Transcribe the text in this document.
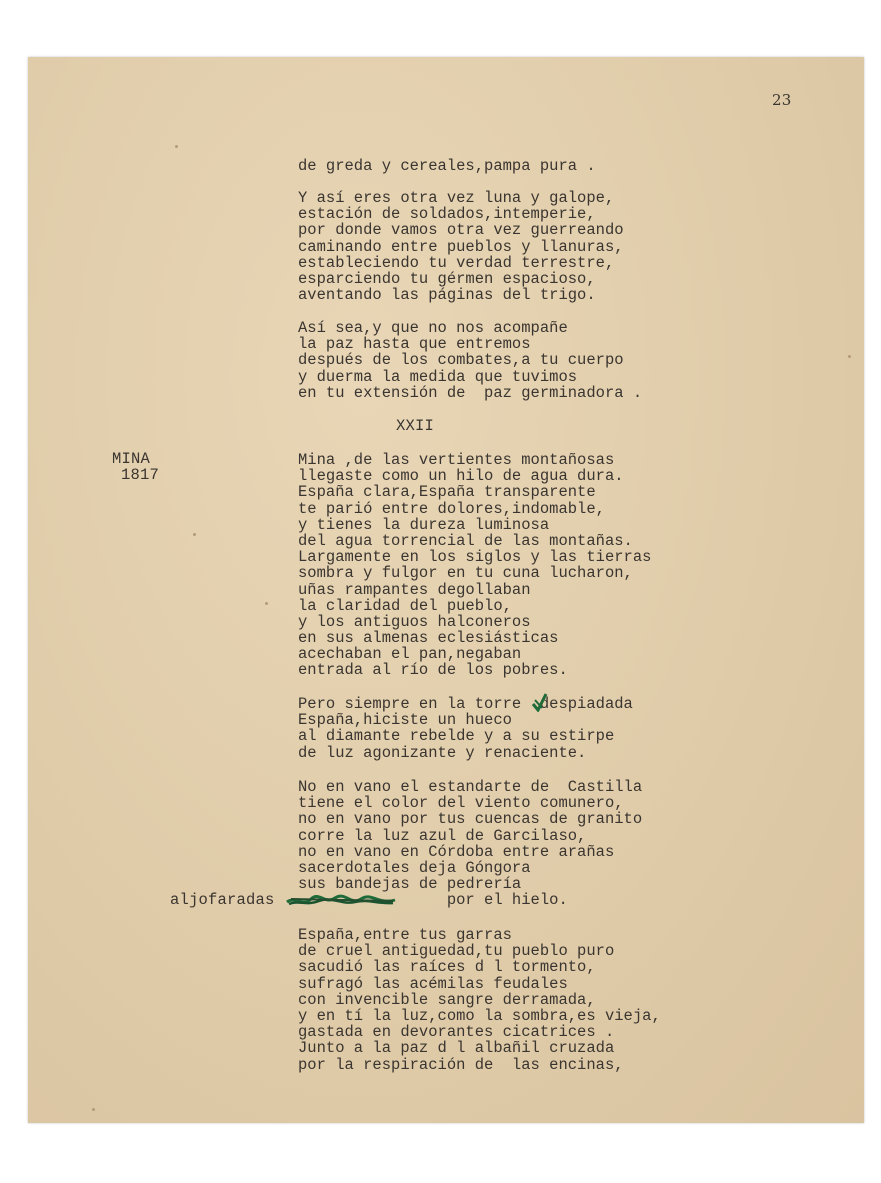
23
de greda y cereales,pampa pura .
Y así eres otra vez luna y galope,
estación de soldados,intemperie,
por donde vamos otra vez guerreando
caminando entre pueblos y llanuras,
estableciendo tu verdad terrestre,
esparciendo tu gérmen espacioso,
aventando las páginas del trigo.
Así sea,y que no nos acompañe
la paz hasta que entremos
después de los combates,a tu cuerpo
y duerma la medida que tuvimos
en tu extensión de  paz germinadora .
XXII
MINA
1817
Mina ,de las vertientes montañosas
llegaste como un hilo de agua dura.
España clara,España transparente
te parió entre dolores,indomable,
y tienes la dureza luminosa
del agua torrencial de las montañas.
Largamente en los siglos y las tierras
sombra y fulgor en tu cuna lucharon,
uñas rampantes degollaban
la claridad del pueblo,
y los antiguos halconeros
en sus almenas eclesiásticas
acechaban el pan,negaban
entrada al río de los pobres.
Pero siempre en la torre  despiadada
España,hiciste un hueco
al diamante rebelde y a su estirpe
de luz agonizante y renaciente.
No en vano el estandarte de  Castilla
tiene el color del viento comunero,
no en vano por tus cuencas de granito
corre la luz azul de Garcilaso,
no en vano en Córdoba entre arañas
sacerdotales deja Góngora
sus bandejas de pedrería
por el hielo.
España,entre tus garras
de cruel antiguedad,tu pueblo puro
sacudió las raíces d l tormento,
sufragó las acémilas feudales
con invencible sangre derramada,
y en tí la luz,como la sombra,es vieja,
gastada en devorantes cicatrices .
Junto a la paz d l albañil cruzada
por la respiración de  las encinas,
aljofaradas
